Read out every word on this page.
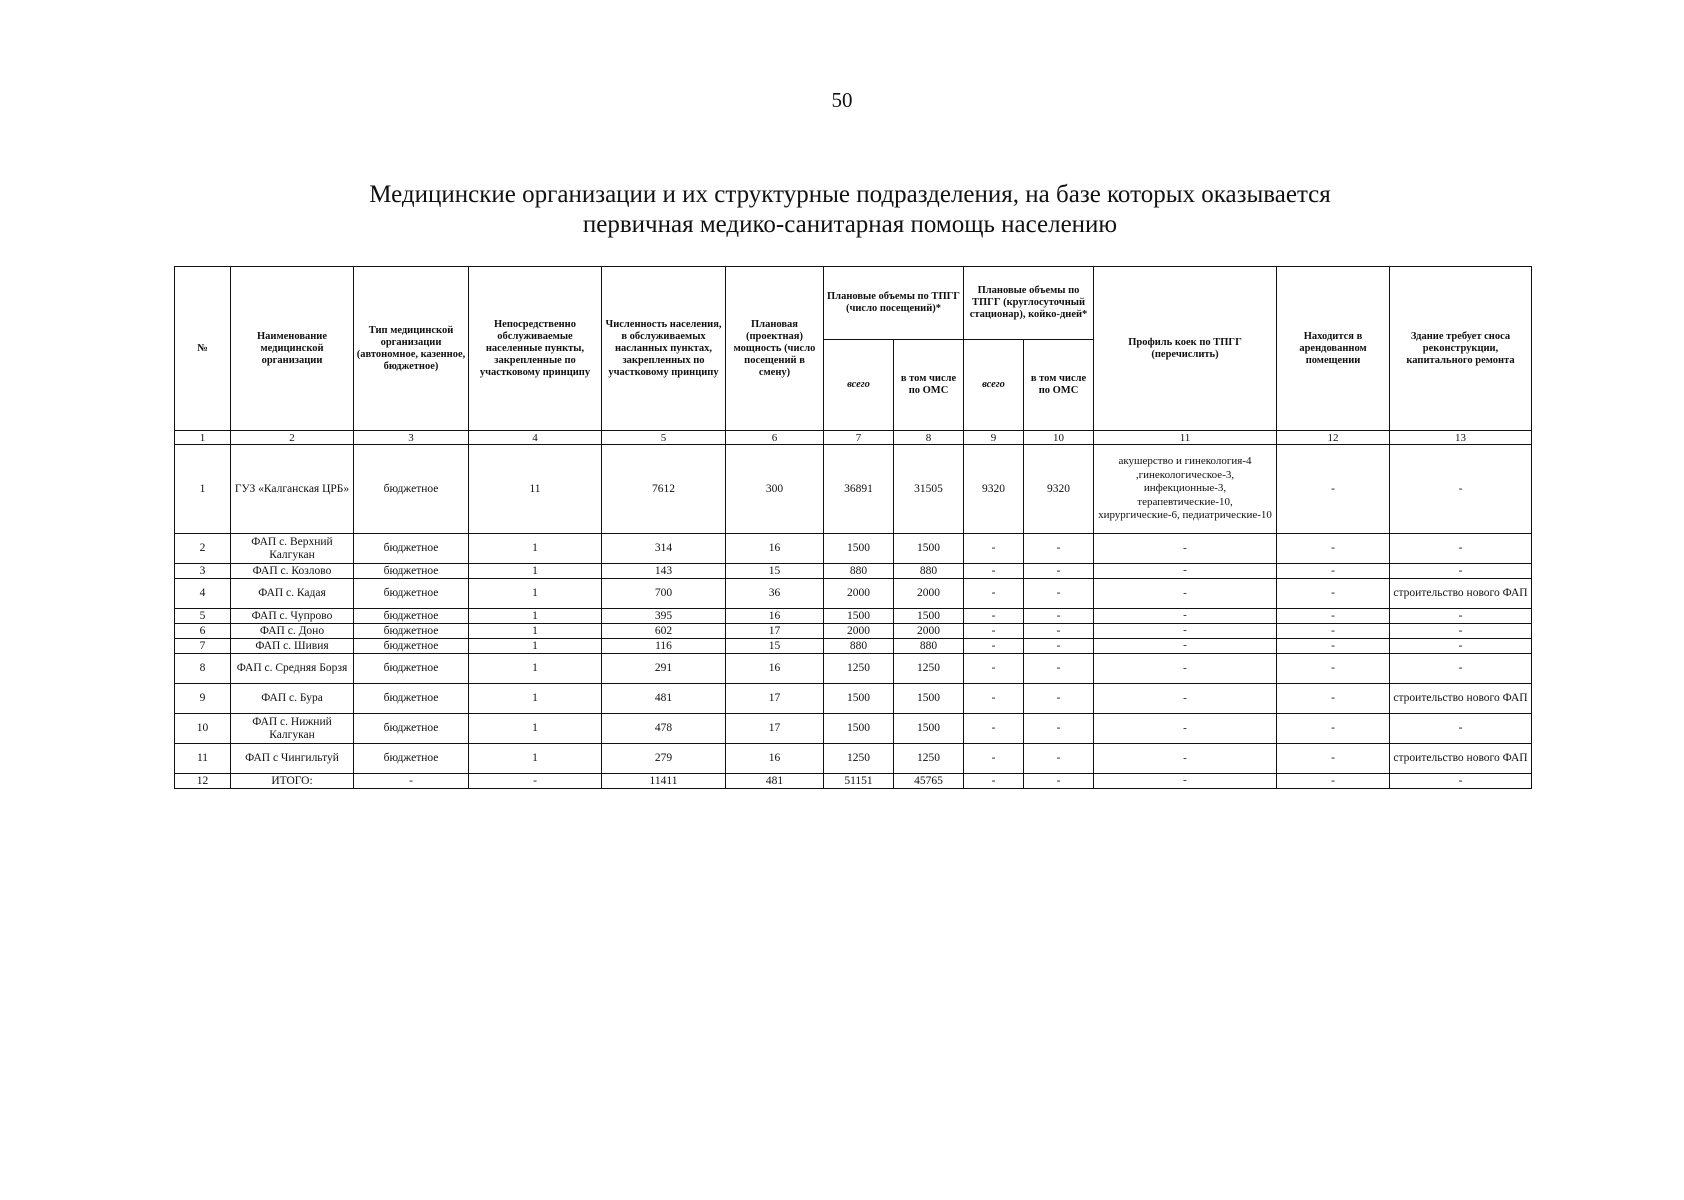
50
Медицинские организации и их структурные подразделения, на базе которых оказывается
первичная медико-санитарная помощь населению
№	Наименование медицинской организации	Тип медицинской организации (автономное, казенное, бюджетное)	Непосредственно обслуживаемые населенные пункты, закрепленные по участковому принципу	Численность населения, в обслуживаемых насланных пунктах, закрепленных по участковому принципу	Плановая (проектная) мощность (число посещений в смену)	Плановые объемы по ТПГГ (число посещений)*		Плановые объемы по ТПГГ (круглосуточный стационар), койко-дней*		Профиль коек по ТПГГ (перечислить)	Находится в арендованном помещении	Здание требует сноса реконструкции, капитального ремонта
						всего	в том числе по ОМС	всего	в том числе по ОМС			
1	2	3	4	5	6	7	8	9	10	11	12	13
1	ГУЗ «Калганская ЦРБ»	бюджетное	11	7612	300	36891	31505	9320	9320	акушерство и гинекология-4 ,гинекологическое-3, инфекционные-3, терапевтические-10, хирургические-6, педиатрические-10	-	-
2	ФАП с. Верхний Калгукан	бюджетное	1	314	16	1500	1500	-	-	-	-	-
3	ФАП с. Козлово	бюджетное	1	143	15	880	880	-	-	-	-	-
4	ФАП с. Кадая	бюджетное	1	700	36	2000	2000	-	-	-	-	строительство нового ФАП
5	ФАП с. Чупрово	бюджетное	1	395	16	1500	1500	-	-	-	-	-
6	ФАП с. Доно	бюджетное	1	602	17	2000	2000	-	-	-	-	-
7	ФАП с. Шивия	бюджетное	1	116	15	880	880	-	-	-	-	-
8	ФАП с. Средняя Борзя	бюджетное	1	291	16	1250	1250	-	-	-	-	-
9	ФАП с. Бура	бюджетное	1	481	17	1500	1500	-	-	-	-	строительство нового ФАП
10	ФАП с. Нижний Калгукан	бюджетное	1	478	17	1500	1500	-	-	-	-	-
11	ФАП с Чингильтуй	бюджетное	1	279	16	1250	1250	-	-	-	-	строительство нового ФАП
12	ИТОГО:	-	-	11411	481	51151	45765	-	-	-	-	-
